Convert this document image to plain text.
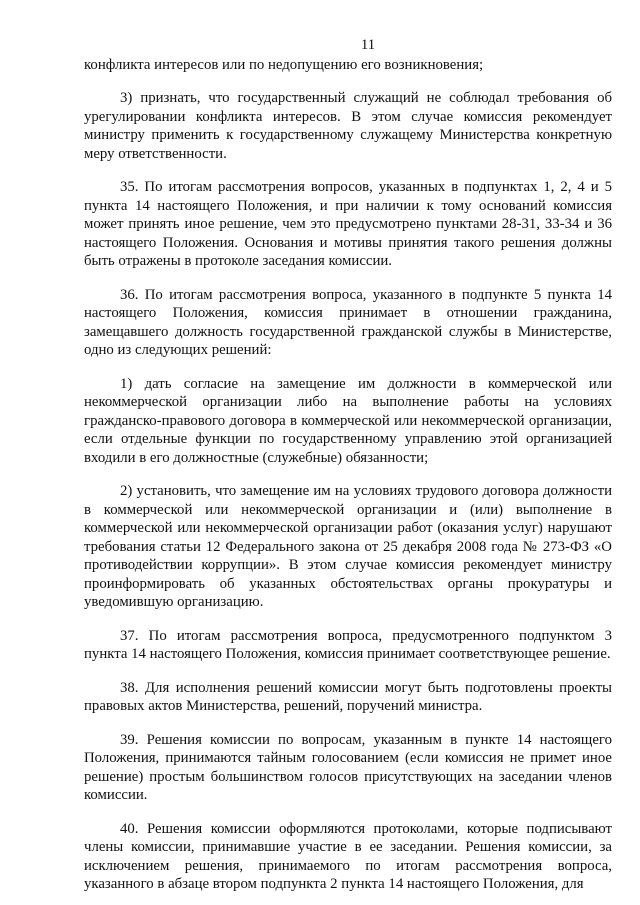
11

конфликта интересов или по недопущению его возникновения;

3) признать, что государственный служащий не соблюдал требования об урегулировании конфликта интересов. В этом случае комиссия рекомендует министру применить к государственному служащему Министерства конкретную меру ответственности.

35. По итогам рассмотрения вопросов, указанных в подпунктах 1, 2, 4 и 5 пункта 14 настоящего Положения, и при наличии к тому оснований комиссия может принять иное решение, чем это предусмотрено пунктами 28-31, 33-34 и 36 настоящего Положения. Основания и мотивы принятия такого решения должны быть отражены в протоколе заседания комиссии.

36. По итогам рассмотрения вопроса, указанного в подпункте 5 пункта 14 настоящего Положения, комиссия принимает в отношении гражданина, замещавшего должность государственной гражданской службы в Министерстве, одно из следующих решений:

1) дать согласие на замещение им должности в коммерческой или некоммерческой организации либо на выполнение работы на условиях гражданско-правового договора в коммерческой или некоммерческой организации, если отдельные функции по государственному управлению этой организацией входили в его должностные (служебные) обязанности;

2) установить, что замещение им на условиях трудового договора должности в коммерческой или некоммерческой организации и (или) выполнение в коммерческой или некоммерческой организации работ (оказания услуг) нарушают требования статьи 12 Федерального закона от 25 декабря 2008 года № 273-ФЗ «О противодействии коррупции». В этом случае комиссия рекомендует министру проинформировать об указанных обстоятельствах органы прокуратуры и уведомившую организацию.

37. По итогам рассмотрения вопроса, предусмотренного подпунктом 3 пункта 14 настоящего Положения, комиссия принимает соответствующее решение.

38. Для исполнения решений комиссии могут быть подготовлены проекты правовых актов Министерства, решений, поручений министра.

39. Решения комиссии по вопросам, указанным в пункте 14 настоящего Положения, принимаются тайным голосованием (если комиссия не примет иное решение) простым большинством голосов присутствующих на заседании членов комиссии.

40. Решения комиссии оформляются протоколами, которые подписывают члены комиссии, принимавшие участие в ее заседании. Решения комиссии, за исключением решения, принимаемого по итогам рассмотрения вопроса, указанного в абзаце втором подпункта 2 пункта 14 настоящего Положения, для
